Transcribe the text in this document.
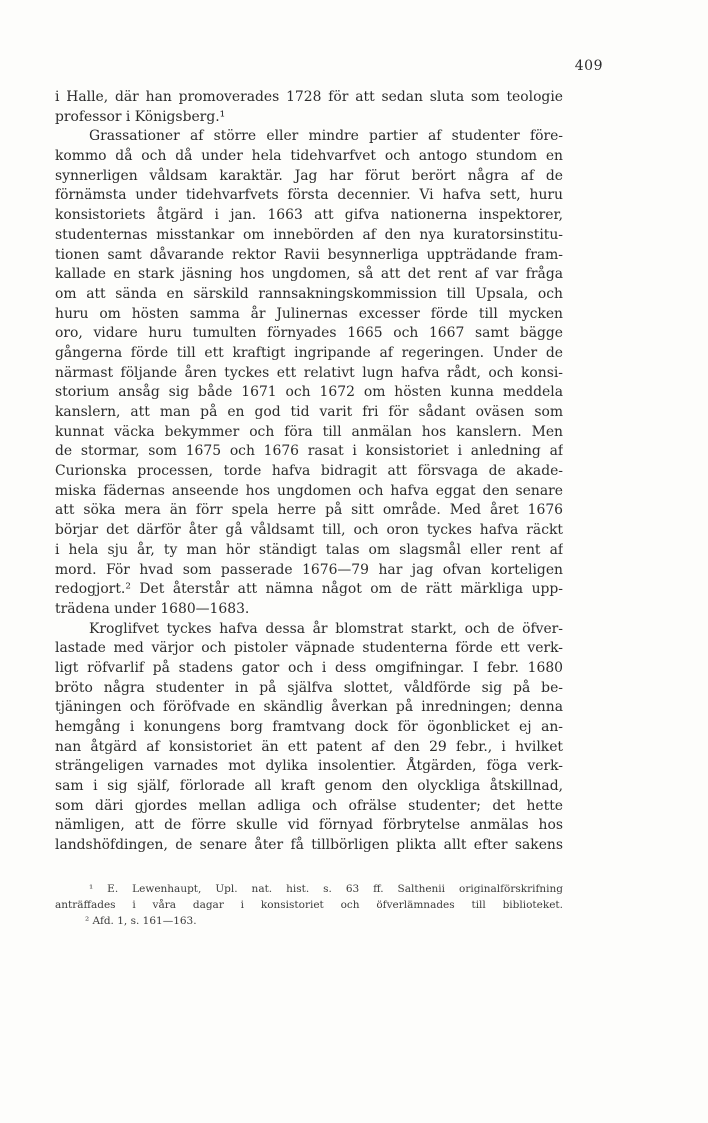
409
i Halle, där han promoverades 1728 för att sedan sluta som teologie
professor i Königsberg.¹
Grassationer af större eller mindre partier af studenter före-
kommo då och då under hela tidehvarfvet och antogo stundom en
synnerligen våldsam karaktär. Jag har förut berört några af de
förnämsta under tidehvarfvets första decennier. Vi hafva sett, huru
konsistoriets åtgärd i jan. 1663 att gifva nationerna inspektorer,
studenternas misstankar om innebörden af den nya kuratorsinstitu-
tionen samt dåvarande rektor Ravii besynnerliga uppträdande fram-
kallade en stark jäsning hos ungdomen, så att det rent af var fråga
om att sända en särskild rannsakningskommission till Upsala, och
huru om hösten samma år Julinernas excesser förde till mycken
oro, vidare huru tumulten förnyades 1665 och 1667 samt bägge
gångerna förde till ett kraftigt ingripande af regeringen. Under de
närmast följande åren tyckes ett relativt lugn hafva rådt, och konsi-
storium ansåg sig både 1671 och 1672 om hösten kunna meddela
kanslern, att man på en god tid varit fri för sådant oväsen som
kunnat väcka bekymmer och föra till anmälan hos kanslern. Men
de stormar, som 1675 och 1676 rasat i konsistoriet i anledning af
Curionska processen, torde hafva bidragit att försvaga de akade-
miska fädernas anseende hos ungdomen och hafva eggat den senare
att söka mera än förr spela herre på sitt område. Med året 1676
börjar det därför åter gå våldsamt till, och oron tyckes hafva räckt
i hela sju år, ty man hör ständigt talas om slagsmål eller rent af
mord. För hvad som passerade 1676—79 har jag ofvan korteligen
redogjort.² Det återstår att nämna något om de rätt märkliga upp-
trädena under 1680—1683.
Kroglifvet tyckes hafva dessa år blomstrat starkt, och de öfver-
lastade med värjor och pistoler väpnade studenterna förde ett verk-
ligt röfvarlif på stadens gator och i dess omgifningar. I febr. 1680
bröto några studenter in på själfva slottet, våldförde sig på be-
tjäningen och föröfvade en skändlig åverkan på inredningen; denna
hemgång i konungens borg framtvang dock för ögonblicket ej an-
nan åtgärd af konsistoriet än ett patent af den 29 febr., i hvilket
strängeligen varnades mot dylika insolentier. Åtgärden, föga verk-
sam i sig själf, förlorade all kraft genom den olyckliga åtskillnad,
som däri gjordes mellan adliga och ofrälse studenter; det hette
nämligen, att de förre skulle vid förnyad förbrytelse anmälas hos
landshöfdingen, de senare åter få tillbörligen plikta allt efter sakens
¹ E. Lewenhaupt, Upl. nat. hist. s. 63 ff. Salthenii originalförskrifning
anträffades i våra dagar i konsistoriet och öfverlämnades till biblioteket.
² Afd. 1, s. 161—163.
